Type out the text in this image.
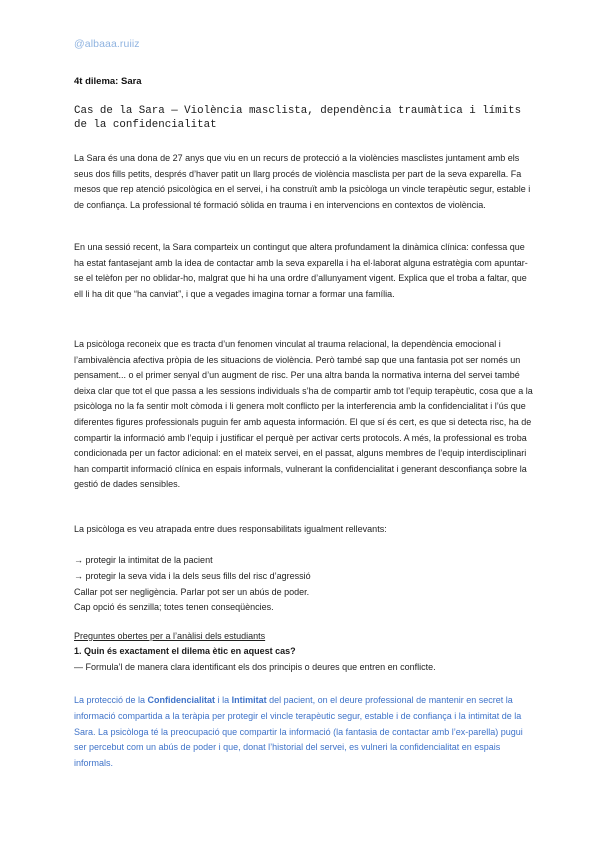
@albaaa.ruiiz
4t dilema: Sara
Cas de la Sara — Violència masclista, dependència traumàtica i límits de la confidencialitat

La Sara és una dona de 27 anys que viu en un recurs de protecció a la violències masclistes juntament amb els seus dos fills petits, després d’haver patit un llarg procés de violència masclista per part de la seva exparella. Fa mesos que rep atenció psicològica en el servei, i ha construït amb la psicòloga un vincle terapèutic segur, estable i de confiança. La professional té formació sòlida en trauma i en intervencions en contextos de violència.

En una sessió recent, la Sara comparteix un contingut que altera profundament la dinàmica clínica: confessa que ha estat fantasejant amb la idea de contactar amb la seva exparella i ha el·laborat alguna estratègia com apuntar-se el telèfon per no oblidar-ho, malgrat que hi ha una ordre d’allunyament vigent. Explica que el troba a faltar, que ell li ha dit que “ha canviat”, i que a vegades imagina tornar a formar una família.

La psicòloga reconeix que es tracta d’un fenomen vinculat al trauma relacional, la dependència emocional i l’ambivalència afectiva pròpia de les situacions de violència. Però també sap que una fantasia pot ser només un pensament... o el primer senyal d’un augment de risc. Per una altra banda la normativa interna del servei també deixa clar que tot el que passa a les sessions individuals s’ha de compartir amb tot l’equip terapèutic, cosa que a la psicòloga no la fa sentir molt còmoda i li genera molt conflicto per la interferencia amb la confidencialitat i l’ús que diferentes figures professionals puguin fer amb aquesta información. El que sí és cert, es que si detecta risc, ha de compartir la informació amb l’equip i justificar el perquè per activar certs protocols. A més, la professional es troba condicionada per un factor adicional: en el mateix servei, en el passat, alguns membres de l’equip interdisciplinari han compartit informació clínica en espais informals, vulnerant la confidencialitat i generant desconfiança sobre la gestió de dades sensibles.

La psicòloga es veu atrapada entre dues responsabilitats igualment rellevants:

→ protegir la intimitat de la pacient
→ protegir la seva vida i la dels seus fills del risc d’agressió
Callar pot ser negligència. Parlar pot ser un abús de poder.
Cap opció és senzilla; totes tenen conseqüències.
Preguntes obertes per a l’anàlisi dels estudiants
1. Quin és exactament el dilema ètic en aquest cas?
— Formula’l de manera clara identificant els dos principis o deures que entren en conflicte.

La protecció de la Confidencialitat i la Intimitat del pacient, on el deure professional de mantenir en secret la informació compartida a la teràpia per protegir el vincle terapèutic segur, estable i de confiança i la intimitat de la Sara. La psicòloga té la preocupació que compartir la informació (la fantasia de contactar amb l’ex-parella) pugui ser percebut com un abús de poder i que, donat l’historial del servei, es vulneri la confidencialitat en espais informals.
